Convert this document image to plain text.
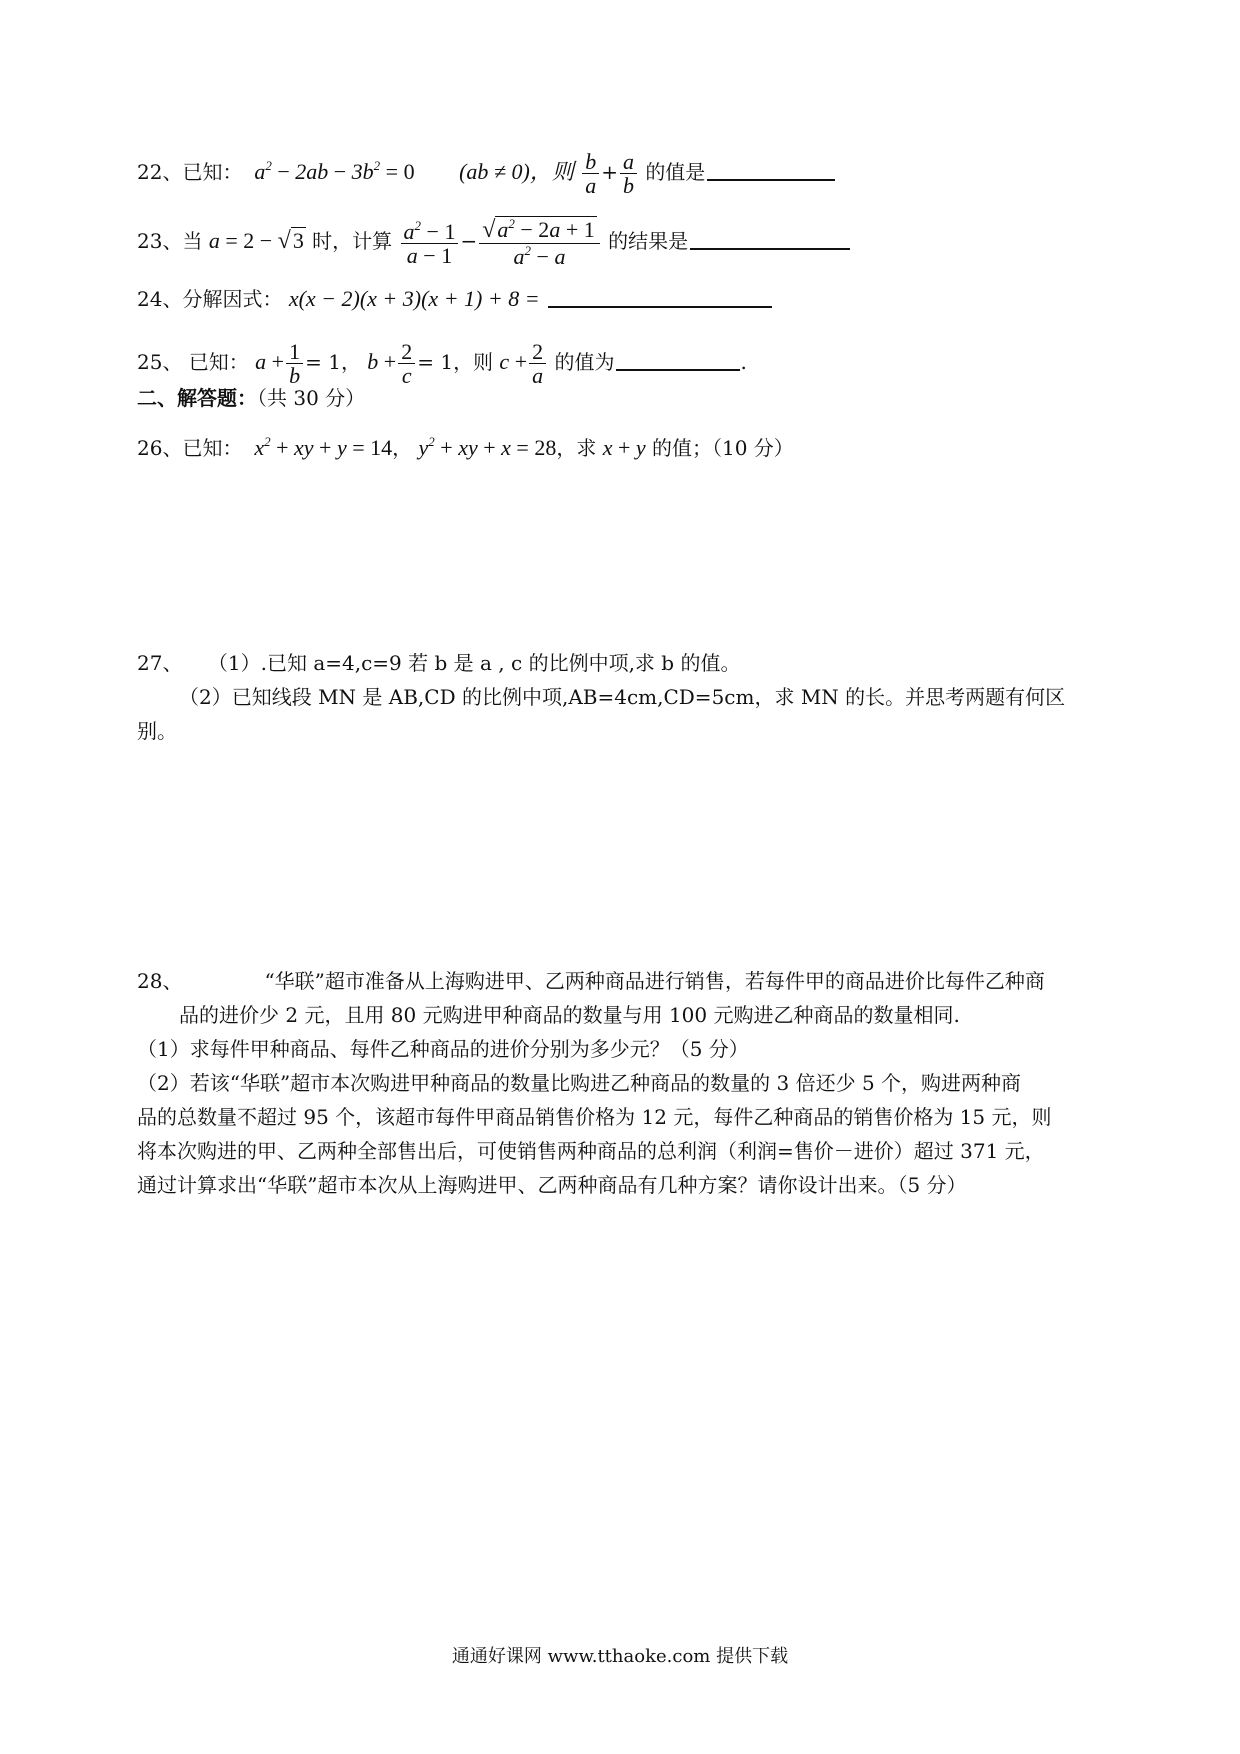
22、已知：  $a^2 - 2ab - 3b^2 = 0$ (ab ≠ 0)，则 $\frac{b}{a} + \frac{a}{b}$ 的值是
23、当 a = 2 − √3 时，计算 $\frac{a^2 - 1}{a - 1} - \frac{√a^2 - 2a + 1}{a^2 - a}$ 的结果是
24、分解因式： x(x − 2)(x + 3)(x + 1) + 8 =
25、 已知： $a + \frac{1}{b} = 1$， $b + \frac{2}{c} = 1$，则 $c + \frac{2}{a}$ 的值为	.
二、解答题：（共 30 分）
26、已知：  $x^2$ + xy + y = 14， $y^2$ + xy + x = 28，求 x + y 的值；（10 分）
27、 （1）.已知 a=4,c=9 若 b 是 a , c 的比例中项,求 b 的值。
（2）已知线段 MN 是 AB,CD 的比例中项,AB=4cm,CD=5cm，求 MN 的长。并思考两题有何区
别。
28、	“华联”超市准备从上海购进甲、乙两种商品进行销售，若每件甲的商品进价比每件乙种商
品的进价少 2 元，且用 80 元购进甲种商品的数量与用 100 元购进乙种商品的数量相同.
（1）求每件甲种商品、每件乙种商品的进价分别为多少元？（5 分）
（2）若该“华联”超市本次购进甲种商品的数量比购进乙种商品的数量的 3 倍还少 5 个，购进两种商
品的总数量不超过 95 个，该超市每件甲商品销售价格为 12 元，每件乙种商品的销售价格为 15 元，则
将本次购进的甲、乙两种全部售出后，可使销售两种商品的总利润（利润=售价－进价）超过 371 元，
通过计算求出“华联”超市本次从上海购进甲、乙两种商品有几种方案？请你设计出来。（5 分）
通通好课网 www.tthaoke.com 提供下载
